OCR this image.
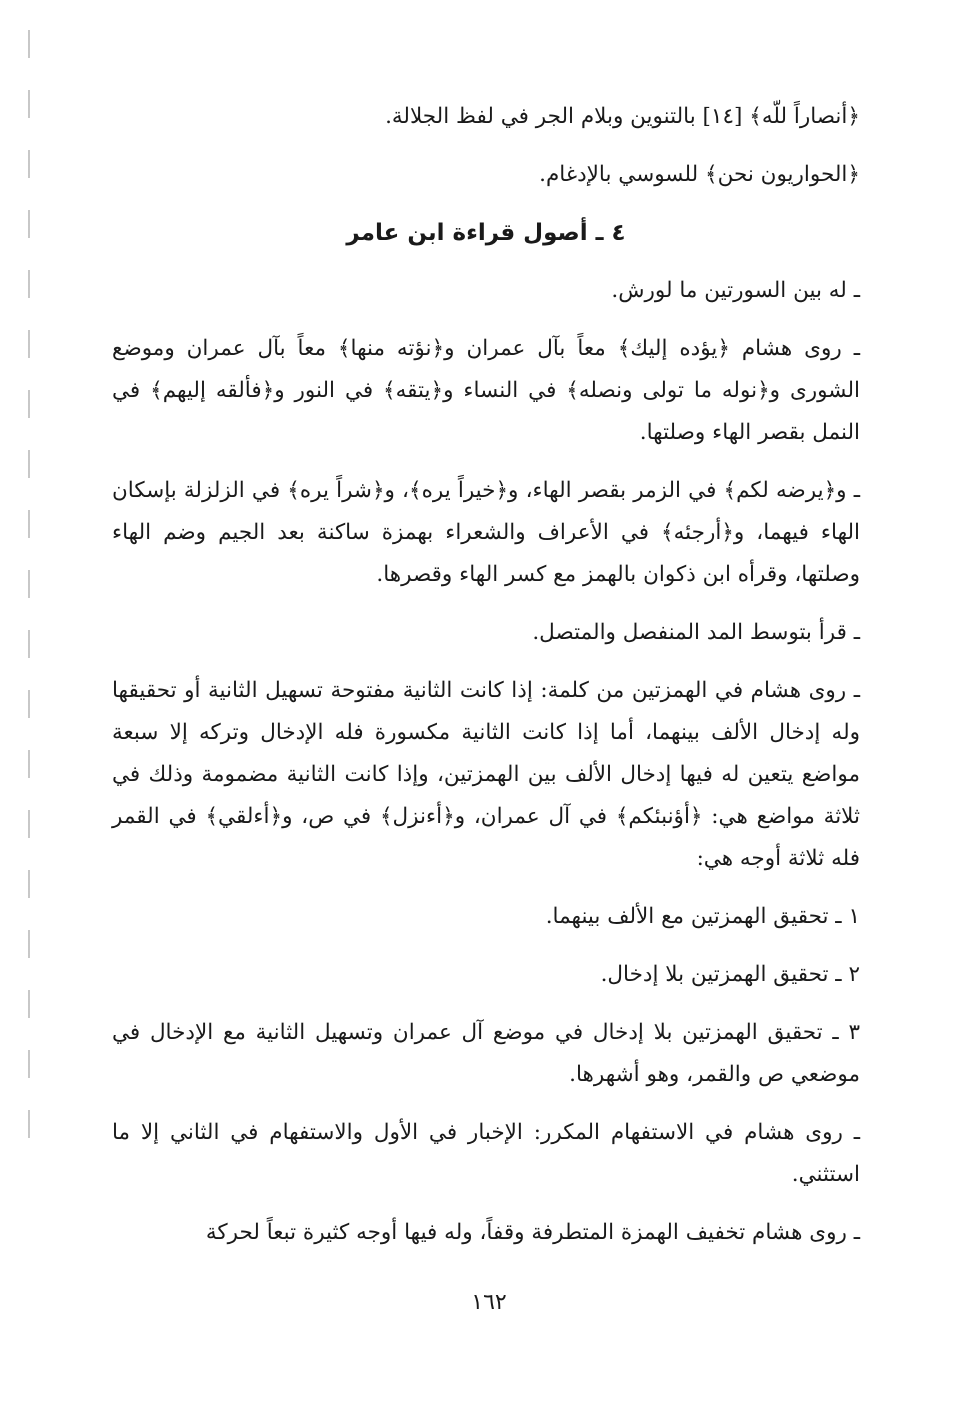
﴿أنصاراً للّه﴾ [١٤] بالتنوين وبلام الجر في لفظ الجلالة.

﴿الحواريون نحن﴾ للسوسي بالإدغام.

٤ ـ أصول قراءة ابن عامر

ـ له بين السورتين ما لورش.

ـ روى هشام ﴿يؤده إليك﴾ معاً بآل عمران و﴿نؤته منها﴾ معاً بآل عمران وموضع الشورى و﴿نوله ما تولى ونصله﴾ في النساء و﴿يتقه﴾ في النور و﴿فألقه إليهم﴾ في النمل بقصر الهاء وصلتها.

ـ و﴿يرضه لكم﴾ في الزمر بقصر الهاء، و﴿خيراً يره﴾، و﴿شراً يره﴾ في الزلزلة بإسكان الهاء فيهما، و﴿أرجئه﴾ في الأعراف والشعراء بهمزة ساكنة بعد الجيم وضم الهاء وصلتها، وقرأه ابن ذكوان بالهمز مع كسر الهاء وقصرها.

ـ قرأ بتوسط المد المنفصل والمتصل.

ـ روى هشام في الهمزتين من كلمة: إذا كانت الثانية مفتوحة تسهيل الثانية أو تحقيقها وله إدخال الألف بينهما، أما إذا كانت الثانية مكسورة فله الإدخال وتركه إلا سبعة مواضع يتعين له فيها إدخال الألف بين الهمزتين، وإذا كانت الثانية مضمومة وذلك في ثلاثة مواضع هي: ﴿أؤنبئكم﴾ في آل عمران، و﴿أءنزل﴾ في ص، و﴿أءلقي﴾ في القمر فله ثلاثة أوجه هي:

١ ـ تحقيق الهمزتين مع الألف بينهما.

٢ ـ تحقيق الهمزتين بلا إدخال.

٣ ـ تحقيق الهمزتين بلا إدخال في موضع آل عمران وتسهيل الثانية مع الإدخال في موضعي ص والقمر، وهو أشهرها.

ـ روى هشام في الاستفهام المكرر: الإخبار في الأول والاستفهام في الثاني إلا ما استثني.

ـ روى هشام تخفيف الهمزة المتطرفة وقفاً، وله فيها أوجه كثيرة تبعاً لحركة

١٦٢
